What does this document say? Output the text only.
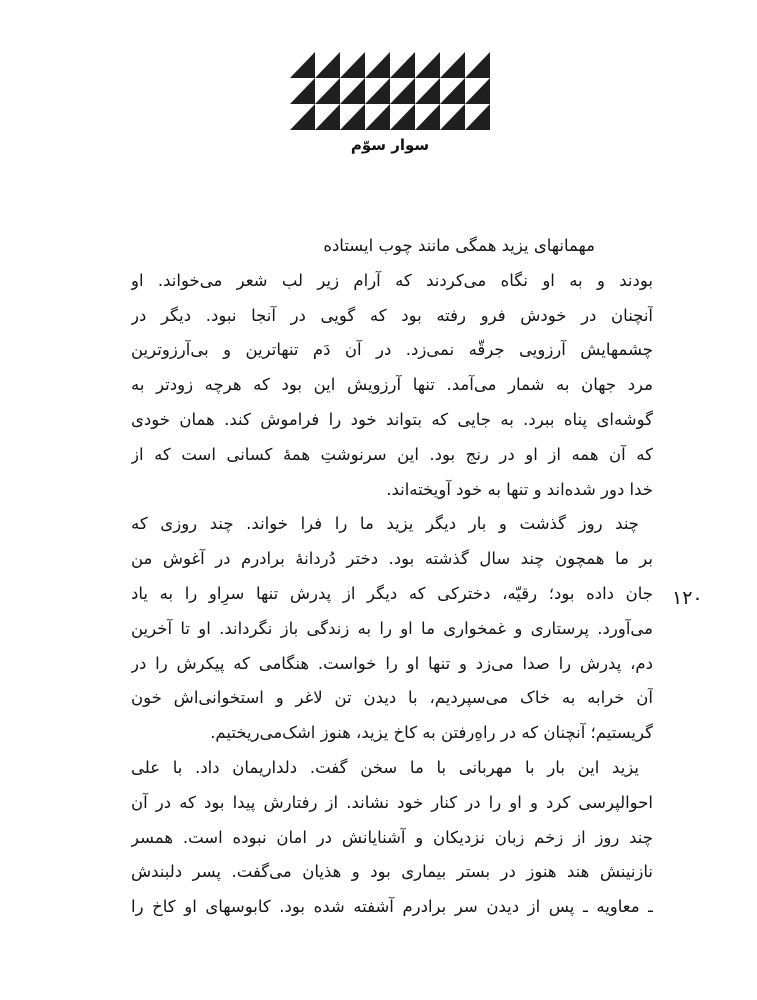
سوار سوّم
۱۲۰
مهمانهای یزید همگی مانند چوب ایستاده
بودند و به او نگاه می‌کردند که آرام زیر لب شعر می‌خواند. او
آنچنان در خودش فرو رفته بود که گویی در آنجا نبود. دیگر در
چشمهایش آرزویی جرقّه نمی‌زد. در آن دَم تنهاترین و بی‌آرزوترین
مرد جهان به شمار می‌آمد. تنها آرزویش این بود که هرچه زودتر به
گوشه‌ای پناه ببرد. به جایی که بتواند خود را فراموش کند. همان خودی
که آن همه از او در رنج بود. این سرنوشتِ همهٔ کسانی است که از
خدا دور شده‌اند و تنها به خود آویخته‌اند.
چند روز گذشت و بار دیگر یزید ما را فرا خواند. چند روزی که
بر ما همچون چند سال گذشته بود. دختر دُردانهٔ برادرم در آغوش من
جان داده بود؛ رقیّه، دخترکی که دیگر از پدرش تنها سرِاو را به یاد
می‌آورد. پرستاری و غمخواری ما او را به زندگی باز نگرداند. او تا آخرین
دم، پدرش را صدا می‌زد و تنها او را خواست. هنگامی که پیکرش را در
آن خرابه به خاک می‌سپردیم، با دیدن تن لاغر و استخوانی‌اش خون
گریستیم؛ آنچنان که در راهِ‌رفتن به کاخ یزید، هنوز اشک‌می‌ریختیم.
یزید این بار با مهربانی با ما سخن گفت. دلداریمان داد. با علی
احوالپرسی کرد و او را در کنار خود نشاند. از رفتارش پیدا بود که در آن
چند روز از زخم زبان نزدیکان و آشنایانش در امان نبوده است. همسر
نازنینش هند هنوز در بستر بیماری بود و هذیان می‌گفت. پسر دلبندش
ـ معاویه ـ پس از دیدن سر برادرم آشفته شده بود. کابوسهای او کاخ را
